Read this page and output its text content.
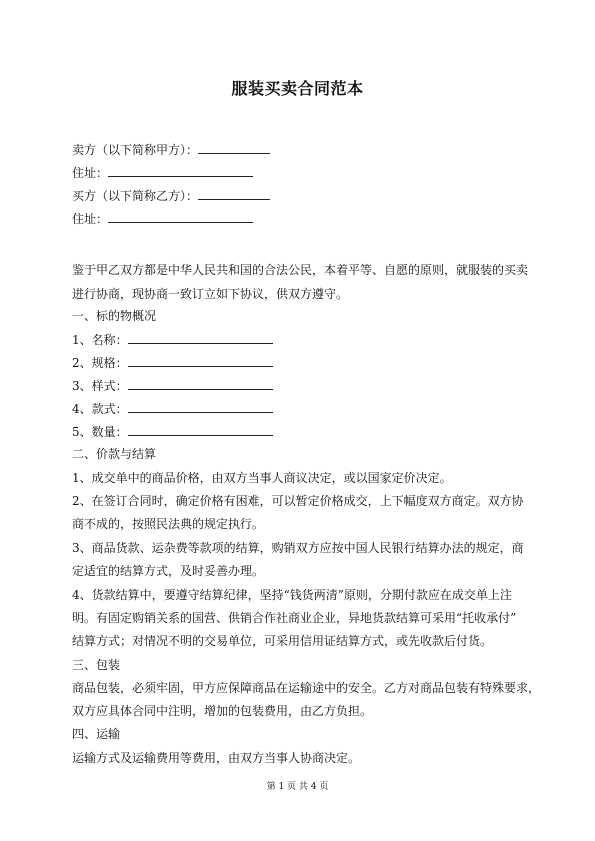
服装买卖合同范本
卖方（以下简称甲方）：
住址：
买方（以下简称乙方）：
住址：
鉴于甲乙双方都是中华人民共和国的合法公民，本着平等、自愿的原则，就服装的买卖
进行协商，现协商一致订立如下协议，供双方遵守。
一、标的物概况
1、名称：
2、规格：
3、样式：
4、款式：
5、数量：
二、价款与结算
1、成交单中的商品价格，由双方当事人商议决定，或以国家定价决定。
2、在签订合同时，确定价格有困难，可以暂定价格成交，上下幅度双方商定。双方协
商不成的，按照民法典的规定执行。
3、商品货款、运杂费等款项的结算，购销双方应按中国人民银行结算办法的规定，商
定适宜的结算方式，及时妥善办理。
4、货款结算中，要遵守结算纪律，坚持“钱货两清”原则，分期付款应在成交单上注
明。有固定购销关系的国营、供销合作社商业企业，异地货款结算可采用“托收承付”
结算方式；对情况不明的交易单位，可采用信用证结算方式，或先收款后付货。
三、包装
商品包装，必须牢固，甲方应保障商品在运输途中的安全。乙方对商品包装有特殊要求，
双方应具体合同中注明，增加的包装费用，由乙方负担。
四、运输
运输方式及运输费用等费用，由双方当事人协商决定。
第 1 页 共 4 页
